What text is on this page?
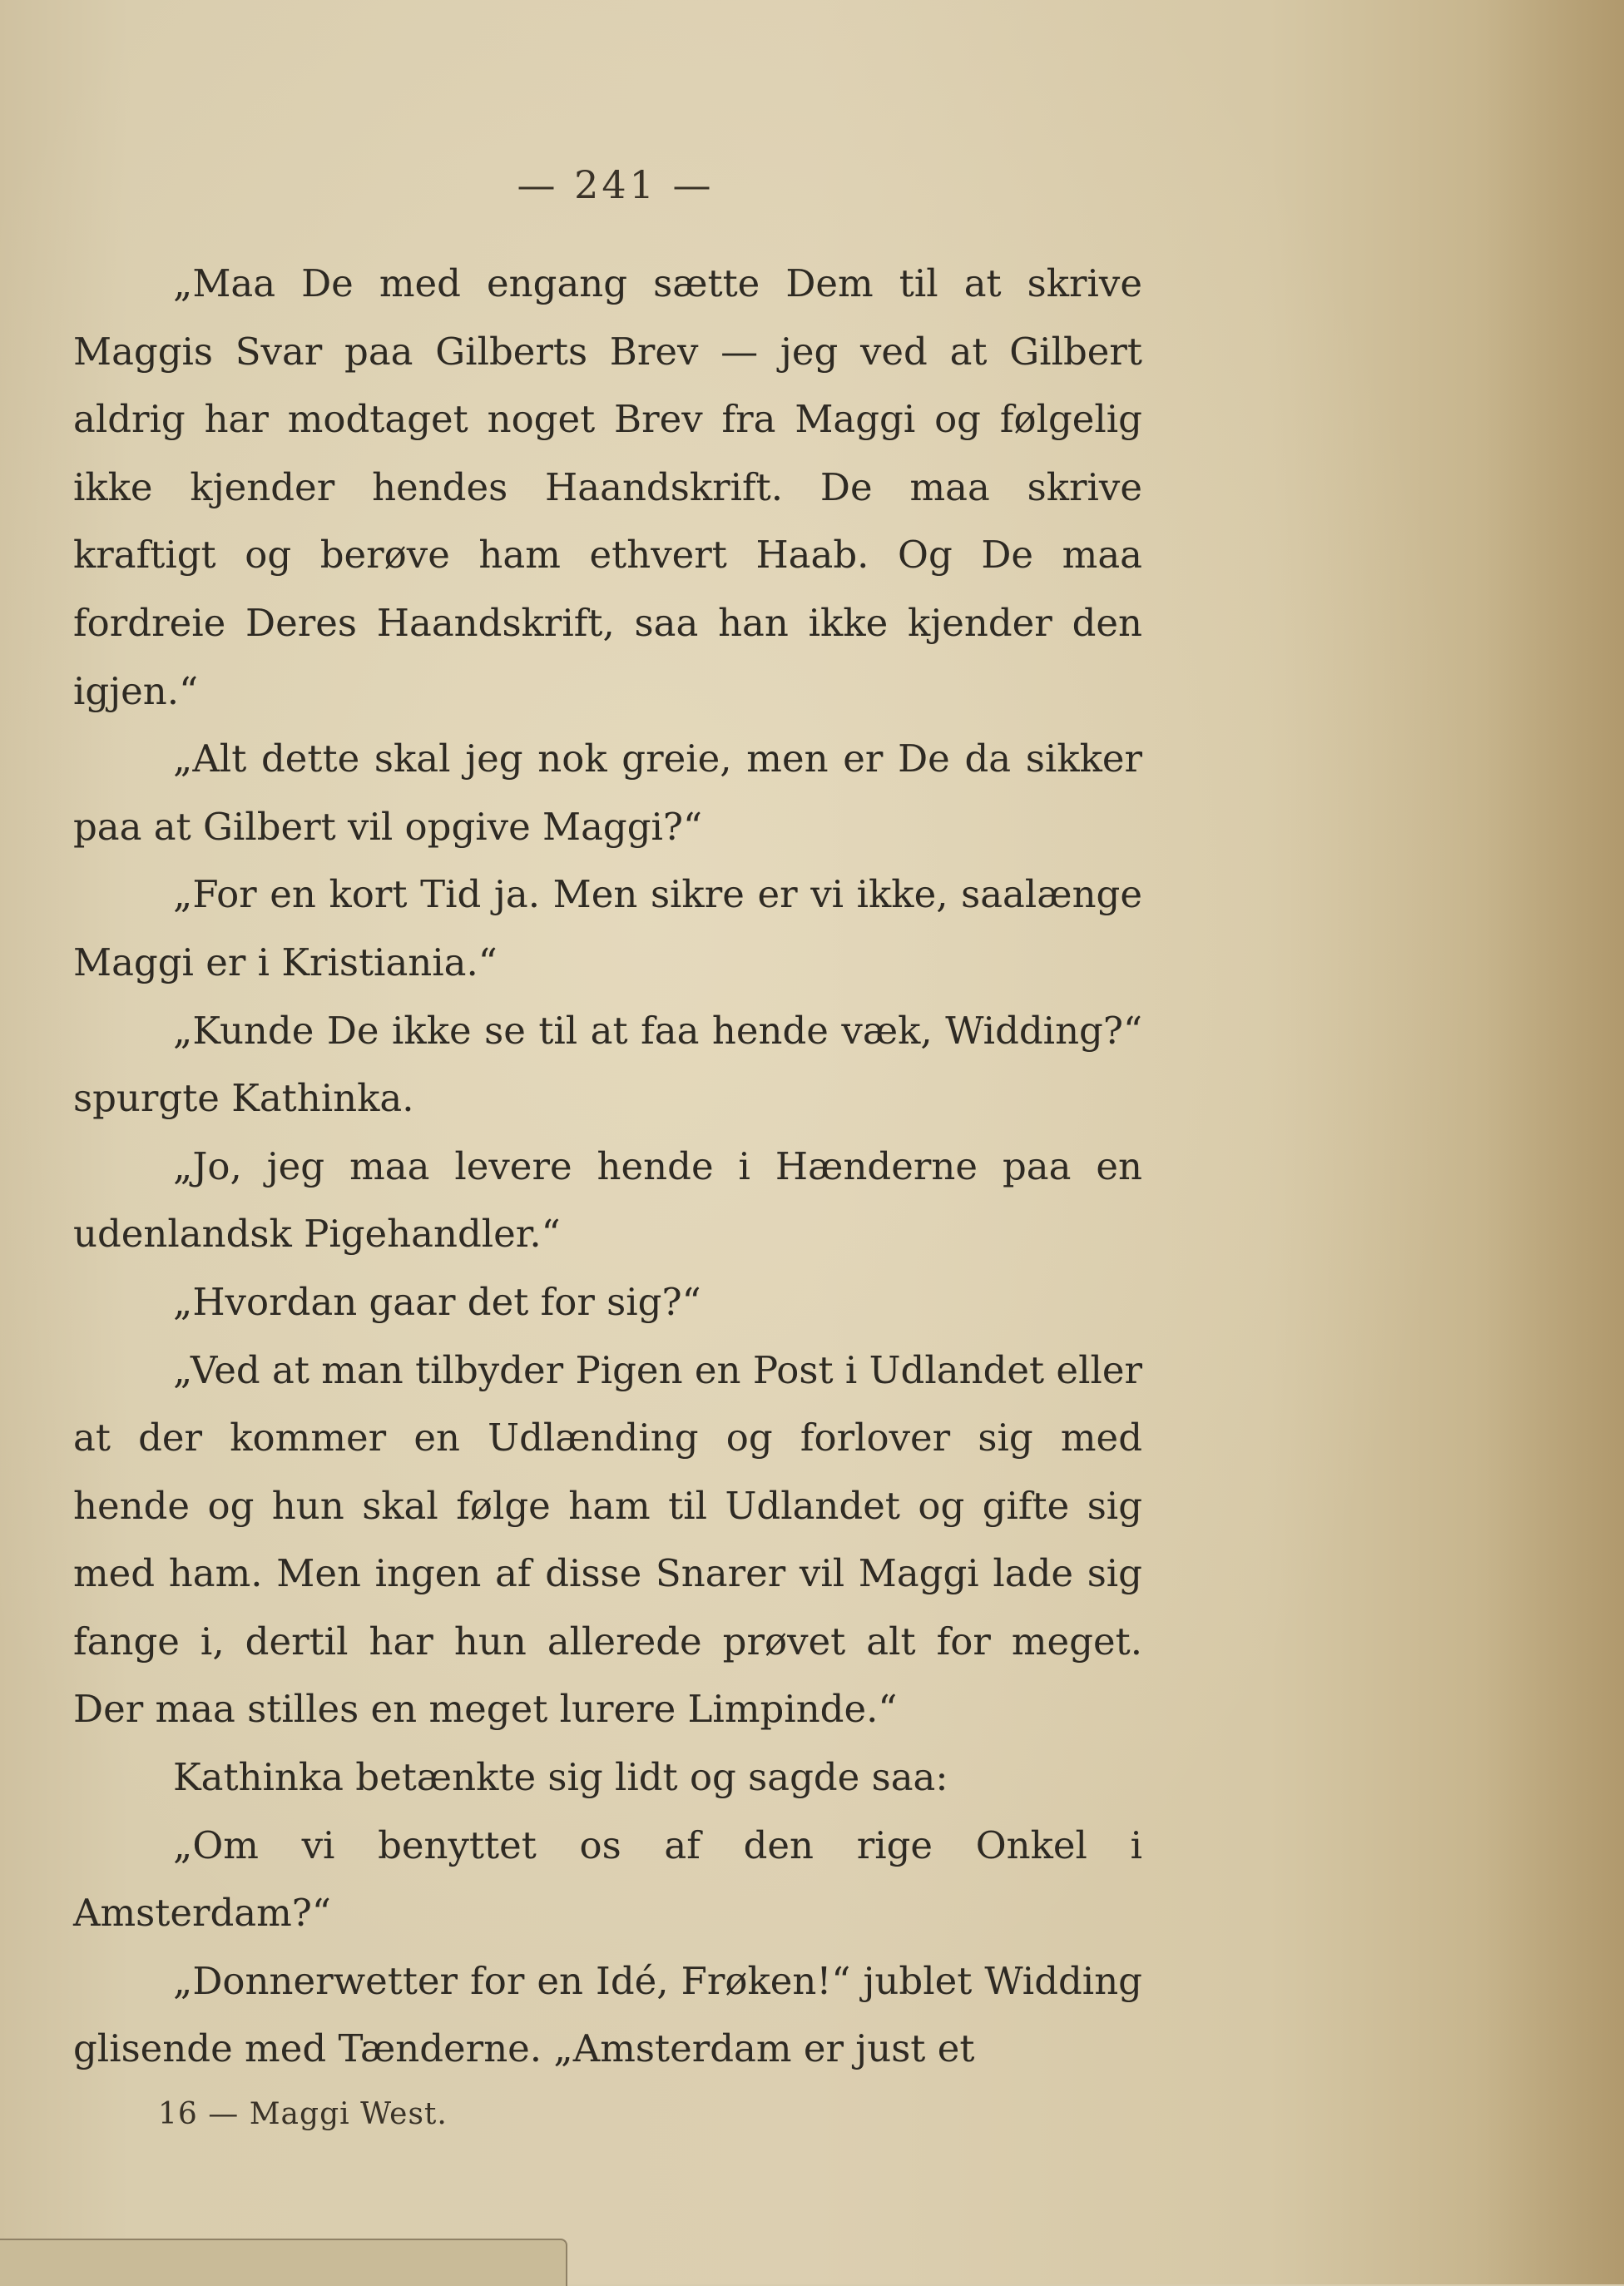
— 241 —

„Maa De med engang sætte Dem til at skrive Maggis Svar paa Gilberts Brev — jeg ved at Gilbert aldrig har modtaget noget Brev fra Maggi og følgelig ikke kjender hendes Haandskrift. De maa skrive kraftigt og berøve ham ethvert Haab. Og De maa fordreie Deres Haandskrift, saa han ikke kjender den igjen.“

„Alt dette skal jeg nok greie, men er De da sikker paa at Gilbert vil opgive Maggi?“

„For en kort Tid ja. Men sikre er vi ikke, saalænge Maggi er i Kristiania.“

„Kunde De ikke se til at faa hende væk, Widding?“ spurgte Kathinka.

„Jo, jeg maa levere hende i Hænderne paa en udenlandsk Pigehandler.“

„Hvordan gaar det for sig?“

„Ved at man tilbyder Pigen en Post i Udlandet eller at der kommer en Udlænding og forlover sig med hende og hun skal følge ham til Udlandet og gifte sig med ham. Men ingen af disse Snarer vil Maggi lade sig fange i, dertil har hun allerede prøvet alt for meget. Der maa stilles en meget lurere Limpinde.“

Kathinka betænkte sig lidt og sagde saa:

„Om vi benyttet os af den rige Onkel i Amsterdam?“

„Donnerwetter for en Idé, Frøken!“ jublet Widding glisende med Tænderne. „Amsterdam er just et

16 — Maggi West.
